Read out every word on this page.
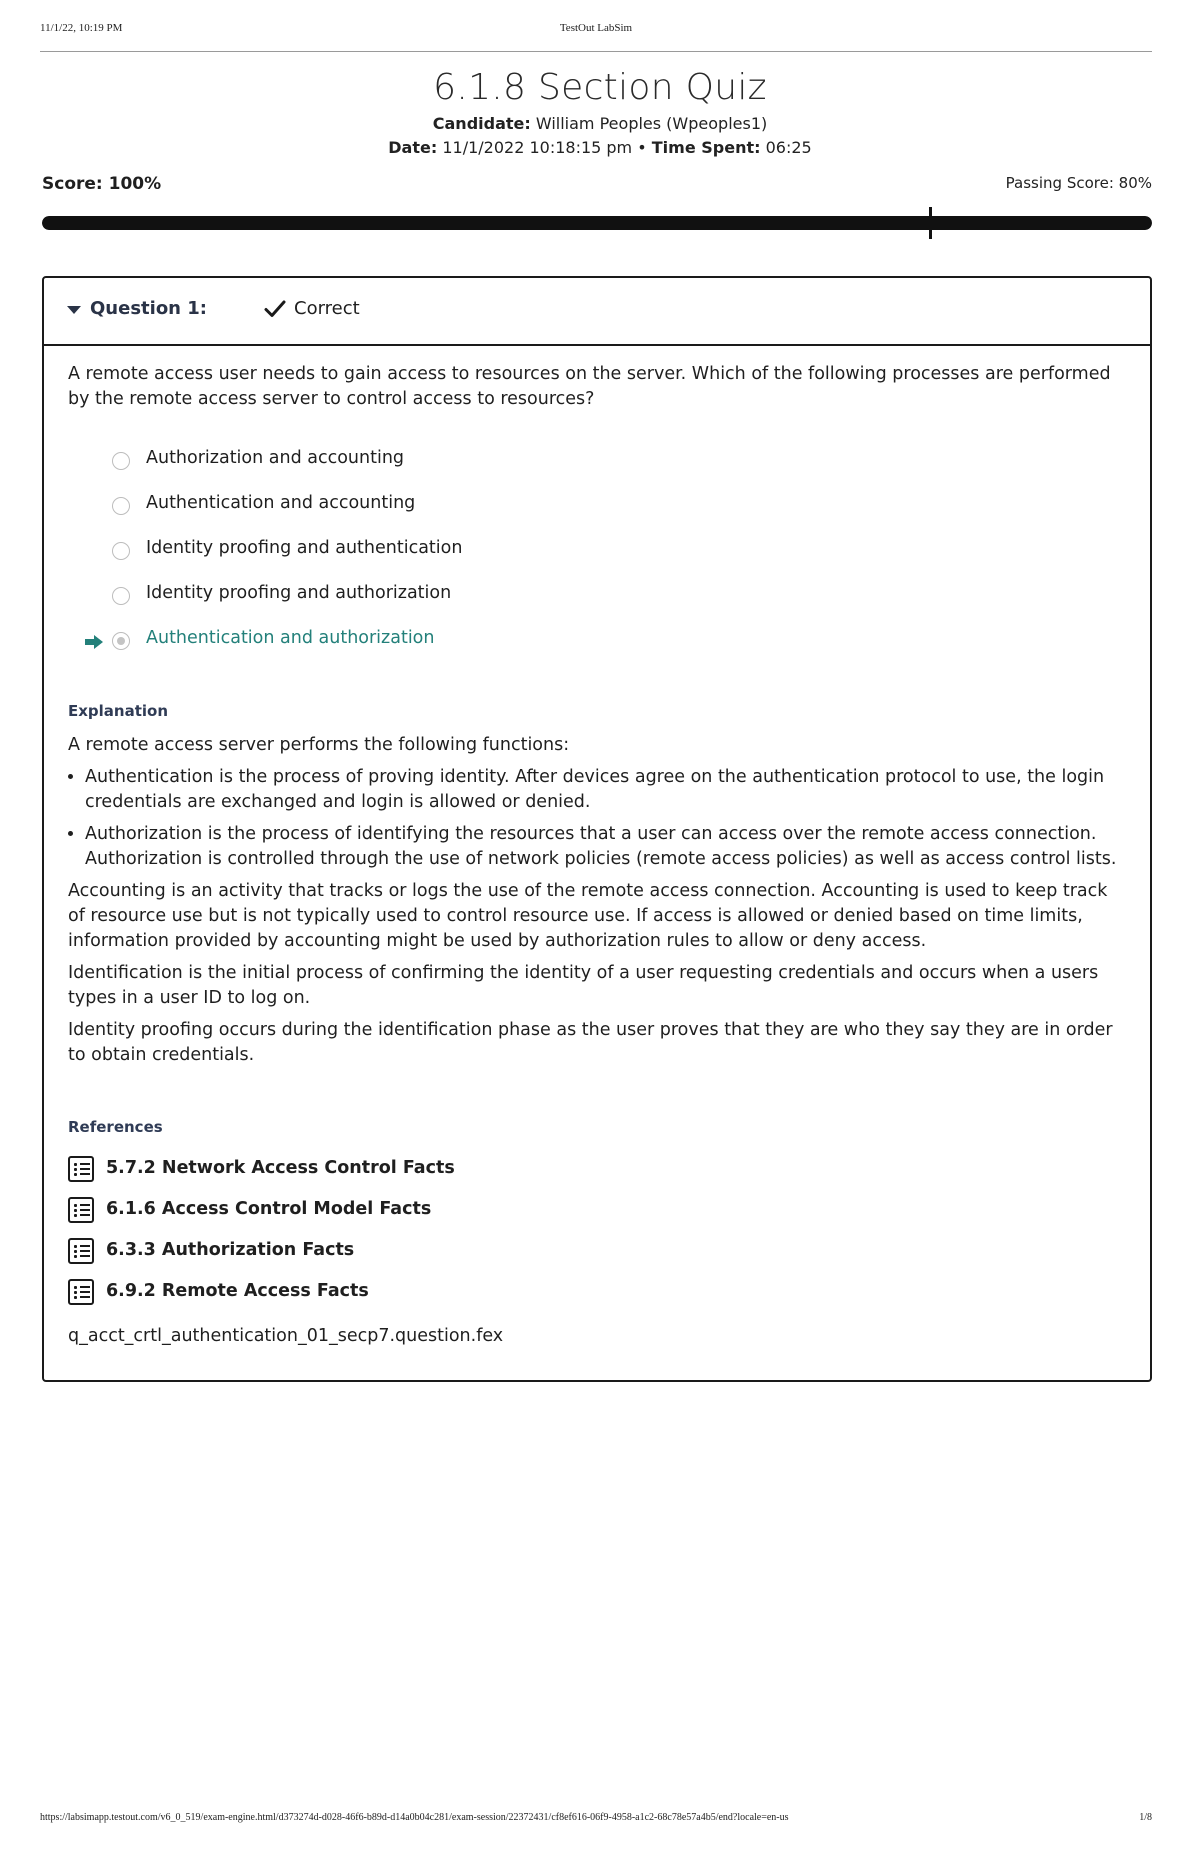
11/1/22, 10:19 PM	TestOut LabSim
6.1.8 Section Quiz
Candidate: William Peoples (Wpeoples1)
Date: 11/1/2022 10:18:15 pm • Time Spent: 06:25
Score: 100%	Passing Score: 80%
Question 1:	Correct

A remote access user needs to gain access to resources on the server. Which of the following processes are performed by the remote access server to control access to resources?

Authorization and accounting
Authentication and accounting
Identity proofing and authentication
Identity proofing and authorization
Authentication and authorization
Explanation

A remote access server performs the following functions:

• Authentication is the process of proving identity. After devices agree on the authentication protocol to use, the login credentials are exchanged and login is allowed or denied.
• Authorization is the process of identifying the resources that a user can access over the remote access connection. Authorization is controlled through the use of network policies (remote access policies) as well as access control lists.

Accounting is an activity that tracks or logs the use of the remote access connection. Accounting is used to keep track of resource use but is not typically used to control resource use. If access is allowed or denied based on time limits, information provided by accounting might be used by authorization rules to allow or deny access.

Identification is the initial process of confirming the identity of a user requesting credentials and occurs when a users types in a user ID to log on.

Identity proofing occurs during the identification phase as the user proves that they are who they say they are in order to obtain credentials.

References
5.7.2 Network Access Control Facts
6.1.6 Access Control Model Facts
6.3.3 Authorization Facts
6.9.2 Remote Access Facts
q_acct_crtl_authentication_01_secp7.question.fex
https://labsimapp.testout.com/v6_0_519/exam-engine.html/d373274d-d028-46f6-b89d-d14a0b04c281/exam-session/22372431/cf8ef616-06f9-4958-a1c2-68c78e57a4b5/end?locale=en-us	1/8
